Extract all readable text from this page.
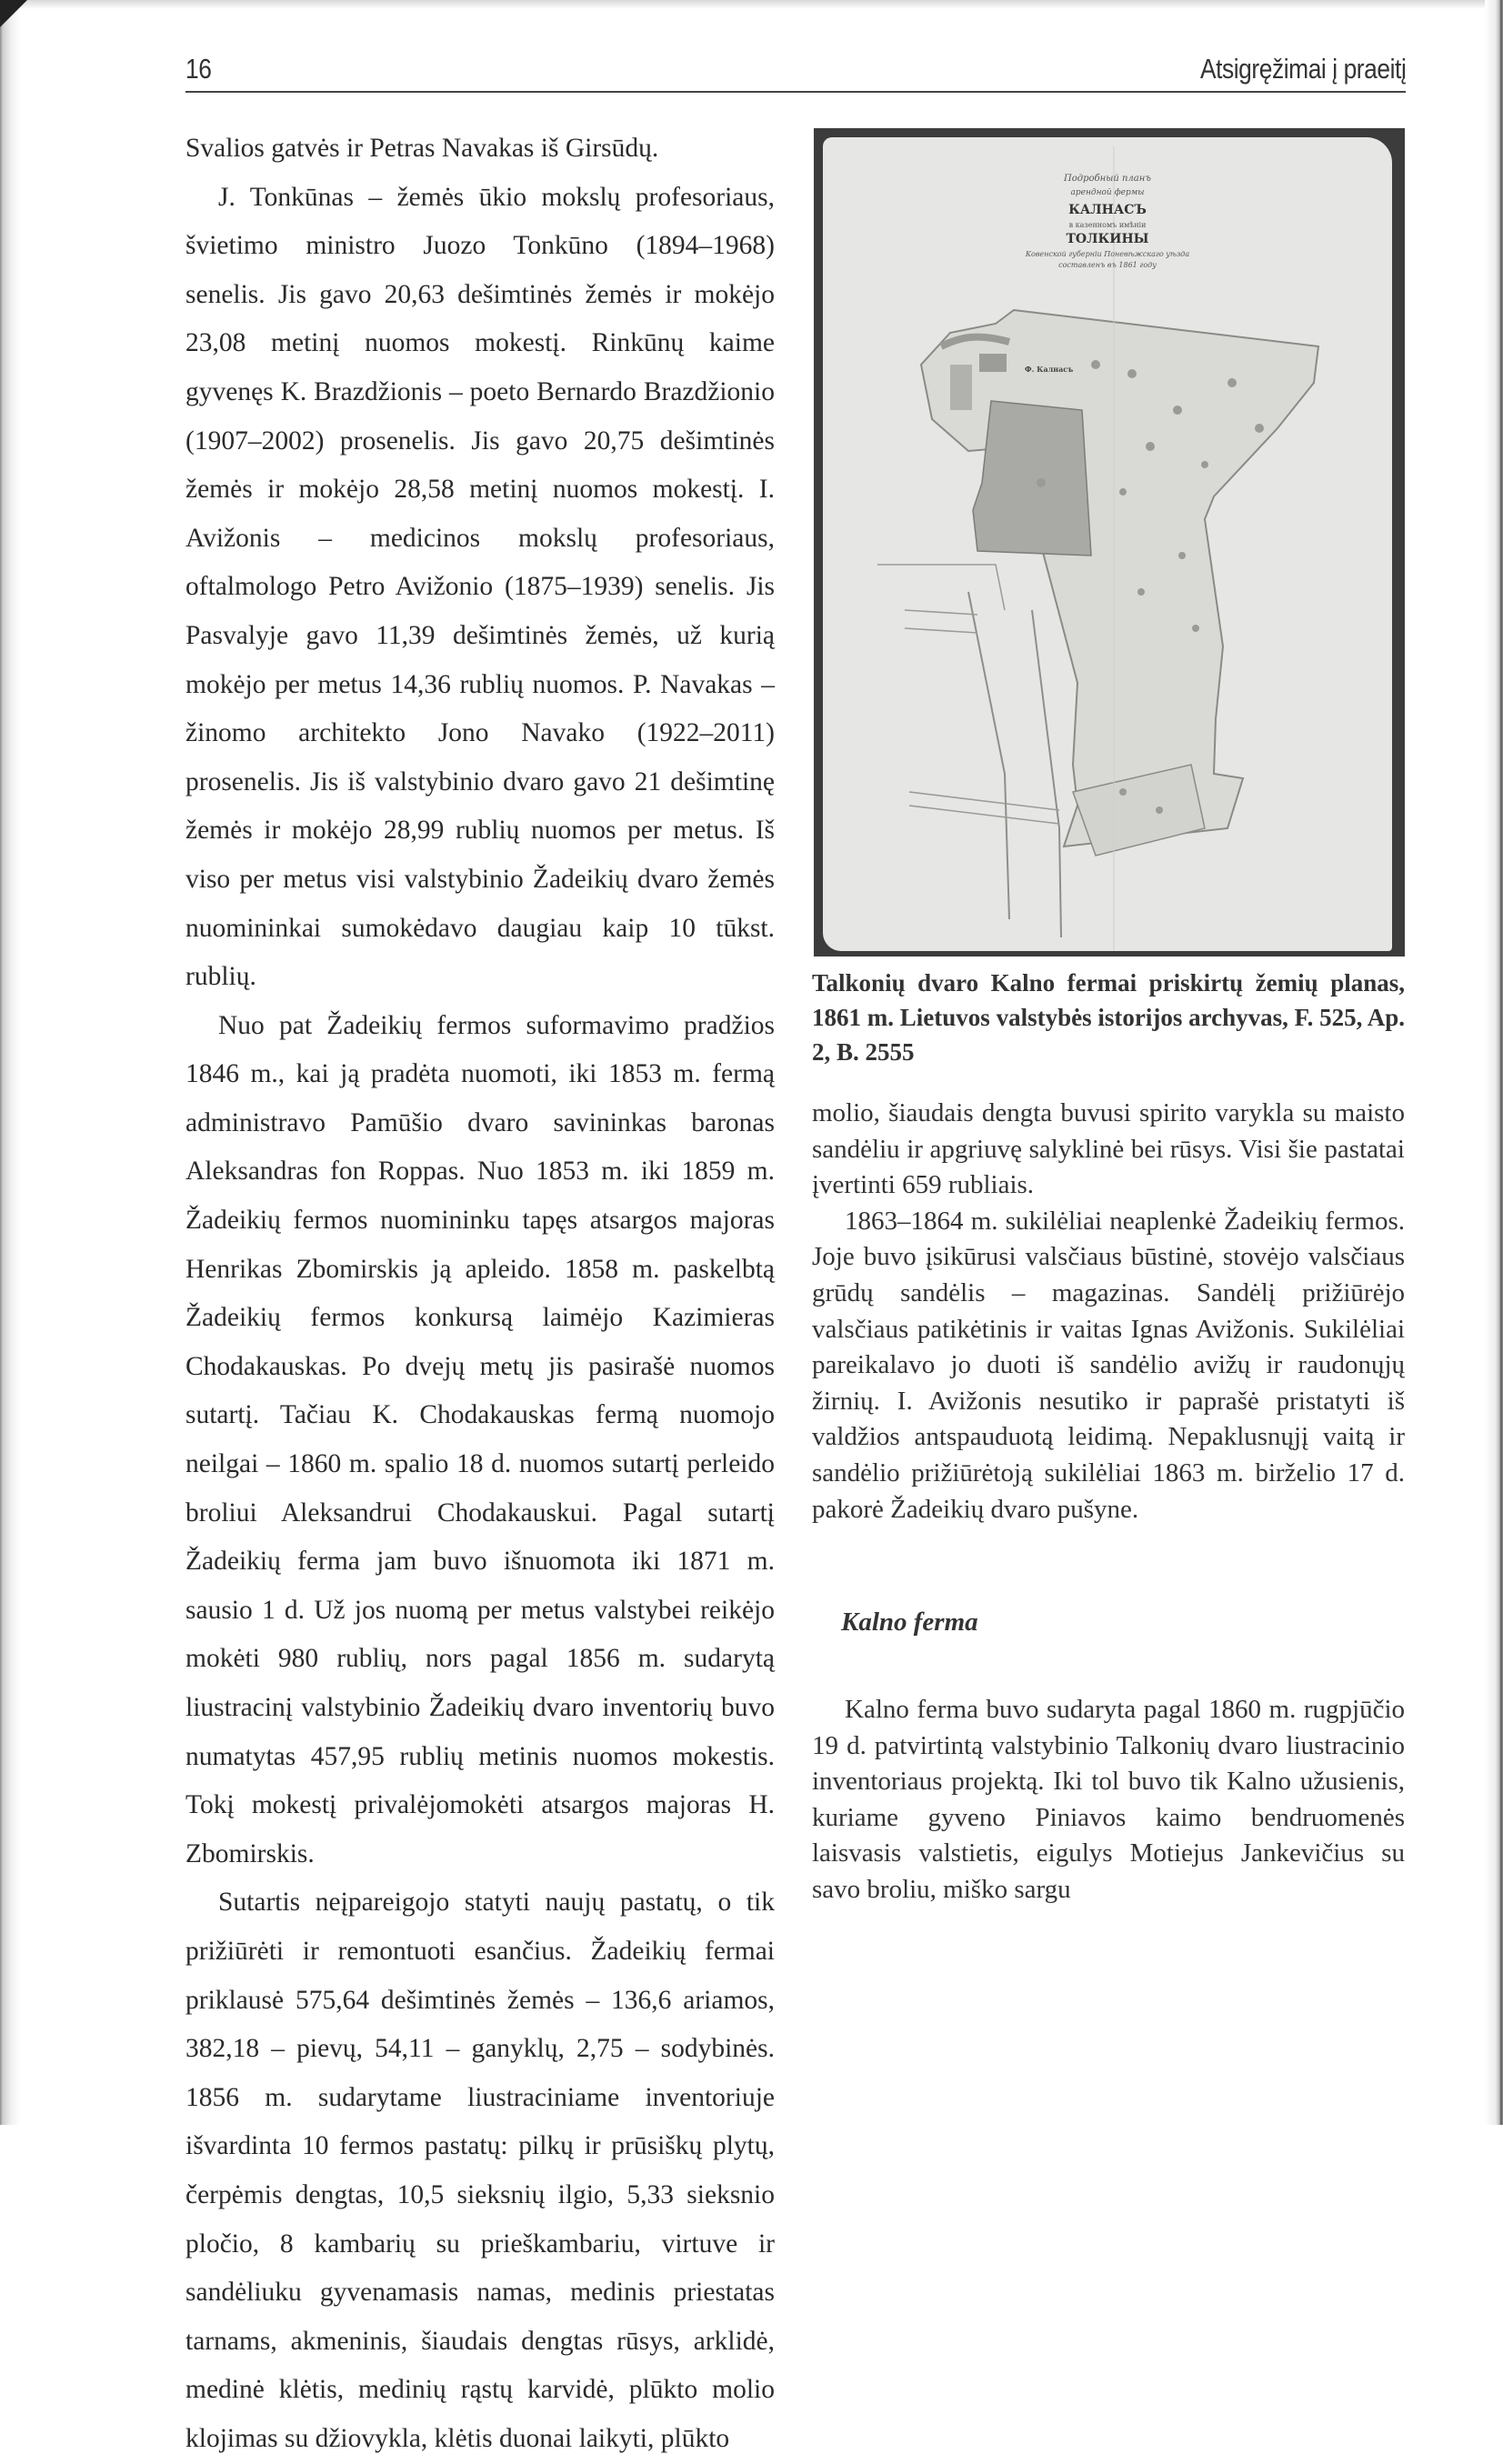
16	Atsigręžimai į praeitį

Svalios gatvės ir Petras Navakas iš Girsūdų.

J. Tonkūnas – žemės ūkio mokslų profesoriaus, švietimo ministro Juozo Tonkūno (1894–1968) senelis. Jis gavo 20,63 dešimtinės žemės ir mokėjo 23,08 metinį nuomos mokestį. Rinkūnų kaime gyvenęs K. Brazdžionis – poeto Bernardo Brazdžionio (1907–2002) prosenelis. Jis gavo 20,75 dešimtinės žemės ir mokėjo 28,58 metinį nuomos mokestį. I. Avižonis – medicinos mokslų profesoriaus, oftalmologo Petro Avižonio (1875–1939) senelis. Jis Pasvalyje gavo 11,39 dešimtinės žemės, už kurią mokėjo per metus 14,36 rublių nuomos. P. Navakas – žinomo architekto Jono Navako (1922–2011) prosenelis. Jis iš valstybinio dvaro gavo 21 dešimtinę žemės ir mokėjo 28,99 rublių nuomos per metus. Iš viso per metus visi valstybinio Žadeikių dvaro žemės nuomininkai sumokėdavo daugiau kaip 10 tūkst. rublių.

Nuo pat Žadeikių fermos suformavimo pradžios 1846 m., kai ją pradėta nuomoti, iki 1853 m. fermą administravo Pamūšio dvaro savininkas baronas Aleksandras fon Roppas. Nuo 1853 m. iki 1859 m. Žadeikių fermos nuomininku tapęs atsargos majoras Henrikas Zbomirskis ją apleido. 1858 m. paskelbtą Žadeikių fermos konkursą laimėjo Kazimieras Chodakauskas. Po dvejų metų jis pasirašė nuomos sutartį. Tačiau K. Chodakauskas fermą nuomojo neilgai – 1860 m. spalio 18 d. nuomos sutartį perleido broliui Aleksandrui Chodakauskui. Pagal sutartį Žadeikių ferma jam buvo išnuomota iki 1871 m. sausio 1 d. Už jos nuomą per metus valstybei reikėjo mokėti 980 rublių, nors pagal 1856 m. sudarytą liustracinį valstybinio Žadeikių dvaro inventorių buvo numatytas 457,95 rublių metinis nuomos mokestis. Tokį mokestį privalėjomokėti atsargos majoras H. Zbomirskis.

Sutartis neįpareigojo statyti naujų pastatų, o tik prižiūrėti ir remontuoti esančius. Žadeikių fermai priklausė 575,64 dešimtinės žemės – 136,6 ariamos, 382,18 – pievų, 54,11 – ganyklų, 2,75 – sodybinės. 1856 m. sudarytame liustraciniame inventoriuje išvardinta 10 fermos pastatų: pilkų ir prūsiškų plytų, čerpėmis dengtas, 10,5 sieksnių ilgio, 5,33 sieksnio pločio, 8 kambarių su prieškambariu, virtuve ir sandėliuku gyvenamasis namas, medinis priestatas tarnams, akmeninis, šiaudais dengtas rūsys, arklidė, medinė klėtis, medinių rąstų karvidė, plūkto molio klojimas su džiovykla, klėtis duonai laikyti, plūkto

Подробный планъ
арендной фермы
КАЛНАСЪ
в казенномъ имѣніи
ТОЛКИНЫ
Ковенской губерніи Поневѣжскаго уѣзда
составленъ въ 1861 году
Ф. Калнасъ
Talkonių dvaro Kalno fermai priskirtų žemių planas, 1861 m. Lietuvos valstybės istorijos archyvas, F. 525, Ap. 2, B. 2555

molio, šiaudais dengta buvusi spirito varykla su maisto sandėliu ir apgriuvę salyklinė bei rūsys. Visi šie pastatai įvertinti 659 rubliais.

1863–1864 m. sukilėliai neaplenkė Žadeikių fermos. Joje buvo įsikūrusi valsčiaus būstinė, stovėjo valsčiaus grūdų sandėlis – magazinas. Sandėlį prižiūrėjo valsčiaus patikėtinis ir vaitas Ignas Avižonis. Sukilėliai pareikalavo jo duoti iš sandėlio avižų ir raudonųjų žirnių. I. Avižonis nesutiko ir paprašė pristatyti iš valdžios antspauduotą leidimą. Nepaklusnųjį vaitą ir sandėlio prižiūrėtoją sukilėliai 1863 m. birželio 17 d. pakorė Žadeikių dvaro pušyne.

Kalno ferma

Kalno ferma buvo sudaryta pagal 1860 m. rugpjūčio 19 d. patvirtintą valstybinio Talkonių dvaro liustracinio inventoriaus projektą. Iki tol buvo tik Kalno užusienis, kuriame gyveno Piniavos kaimo bendruomenės laisvasis valstietis, eigulys Motiejus Jankevičius su savo broliu, miško sargu
